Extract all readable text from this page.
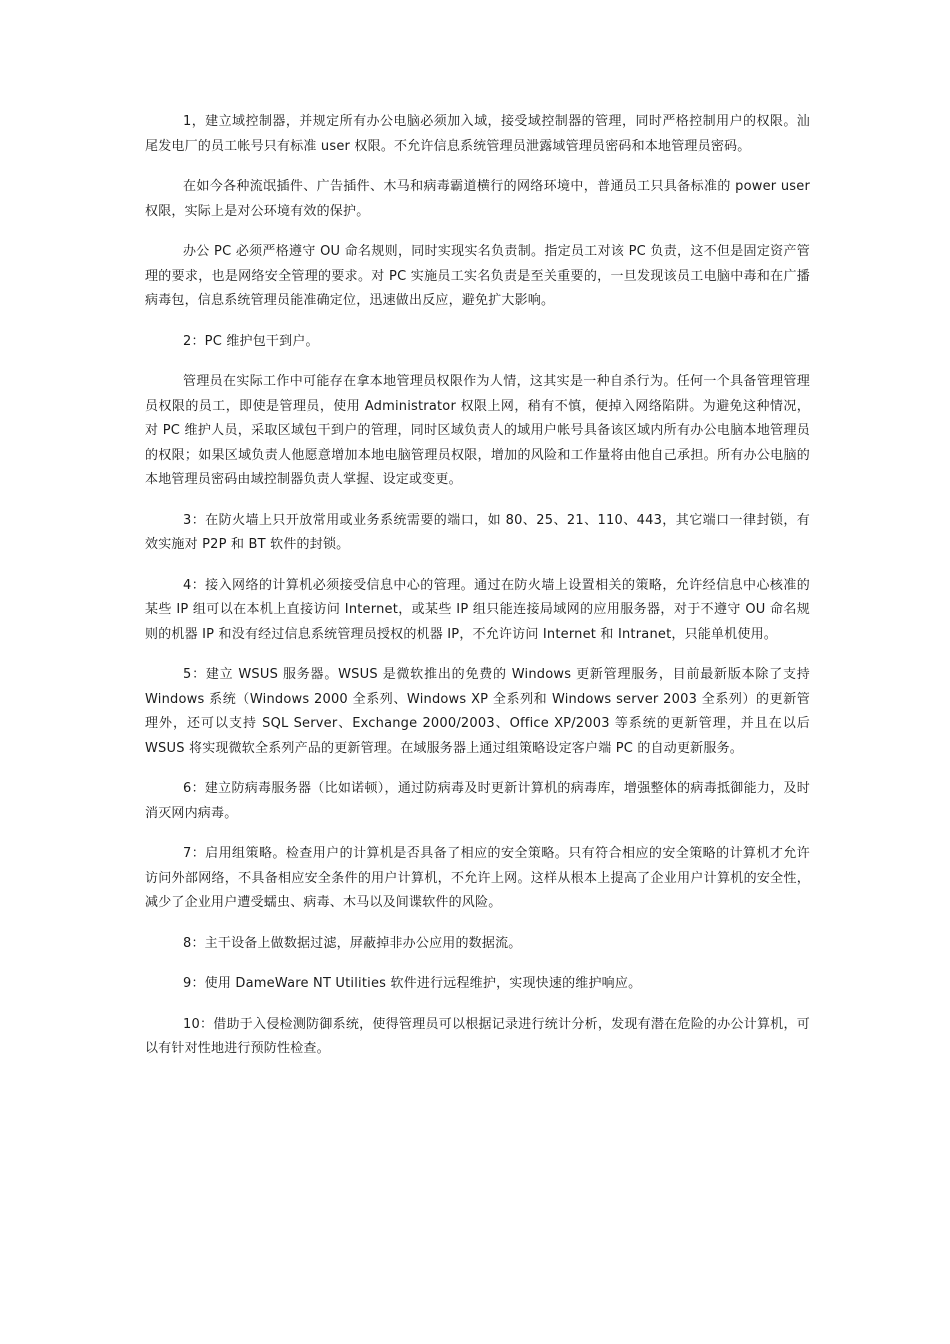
1，建立域控制器，并规定所有办公电脑必须加入域，接受域控制器的管理，同时严格控制用户的权限。汕尾发电厂的员工帐号只有标准 user 权限。不允许信息系统管理员泄露域管理员密码和本地管理员密码。

在如今各种流氓插件、广告插件、木马和病毒霸道横行的网络环境中，普通员工只具备标准的 power user 权限，实际上是对公环境有效的保护。

办公 PC 必须严格遵守 OU 命名规则，同时实现实名负责制。指定员工对该 PC 负责，这不但是固定资产管理的要求，也是网络安全管理的要求。对 PC 实施员工实名负责是至关重要的，一旦发现该员工电脑中毒和在广播病毒包，信息系统管理员能准确定位，迅速做出反应，避免扩大影响。

2：PC 维护包干到户。

管理员在实际工作中可能存在拿本地管理员权限作为人情，这其实是一种自杀行为。任何一个具备管理管理员权限的员工，即使是管理员，使用 Administrator 权限上网，稍有不慎，便掉入网络陷阱。为避免这种情况，对 PC 维护人员，采取区域包干到户的管理，同时区域负责人的域用户帐号具备该区域内所有办公电脑本地管理员的权限；如果区域负责人他愿意增加本地电脑管理员权限，增加的风险和工作量将由他自己承担。所有办公电脑的本地管理员密码由域控制器负责人掌握、设定或变更。

3：在防火墙上只开放常用或业务系统需要的端口，如 80、25、21、110、443，其它端口一律封锁，有效实施对 P2P 和 BT 软件的封锁。

4：接入网络的计算机必须接受信息中心的管理。通过在防火墙上设置相关的策略，允许经信息中心核准的某些 IP 组可以在本机上直接访问 Internet，或某些 IP 组只能连接局域网的应用服务器，对于不遵守 OU 命名规则的机器 IP 和没有经过信息系统管理员授权的机器 IP，不允许访问 Internet 和 Intranet，只能单机使用。

5：建立 WSUS 服务器。WSUS 是微软推出的免费的 Windows 更新管理服务，目前最新版本除了支持 Windows 系统（Windows 2000 全系列、Windows XP 全系列和 Windows server 2003 全系列）的更新管理外，还可以支持 SQL Server、Exchange 2000/2003、Office XP/2003 等系统的更新管理，并且在以后 WSUS 将实现微软全系列产品的更新管理。在域服务器上通过组策略设定客户端 PC 的自动更新服务。

6：建立防病毒服务器（比如诺顿），通过防病毒及时更新计算机的病毒库，增强整体的病毒抵御能力，及时消灭网内病毒。

7：启用组策略。检查用户的计算机是否具备了相应的安全策略。只有符合相应的安全策略的计算机才允许访问外部网络，不具备相应安全条件的用户计算机，不允许上网。这样从根本上提高了企业用户计算机的安全性，减少了企业用户遭受蠕虫、病毒、木马以及间谍软件的风险。

8：主干设备上做数据过滤，屏蔽掉非办公应用的数据流。

9：使用 DameWare NT Utilities 软件进行远程维护，实现快速的维护响应。

10：借助于入侵检测防御系统，使得管理员可以根据记录进行统计分析，发现有潜在危险的办公计算机，可以有针对性地进行预防性检查。
